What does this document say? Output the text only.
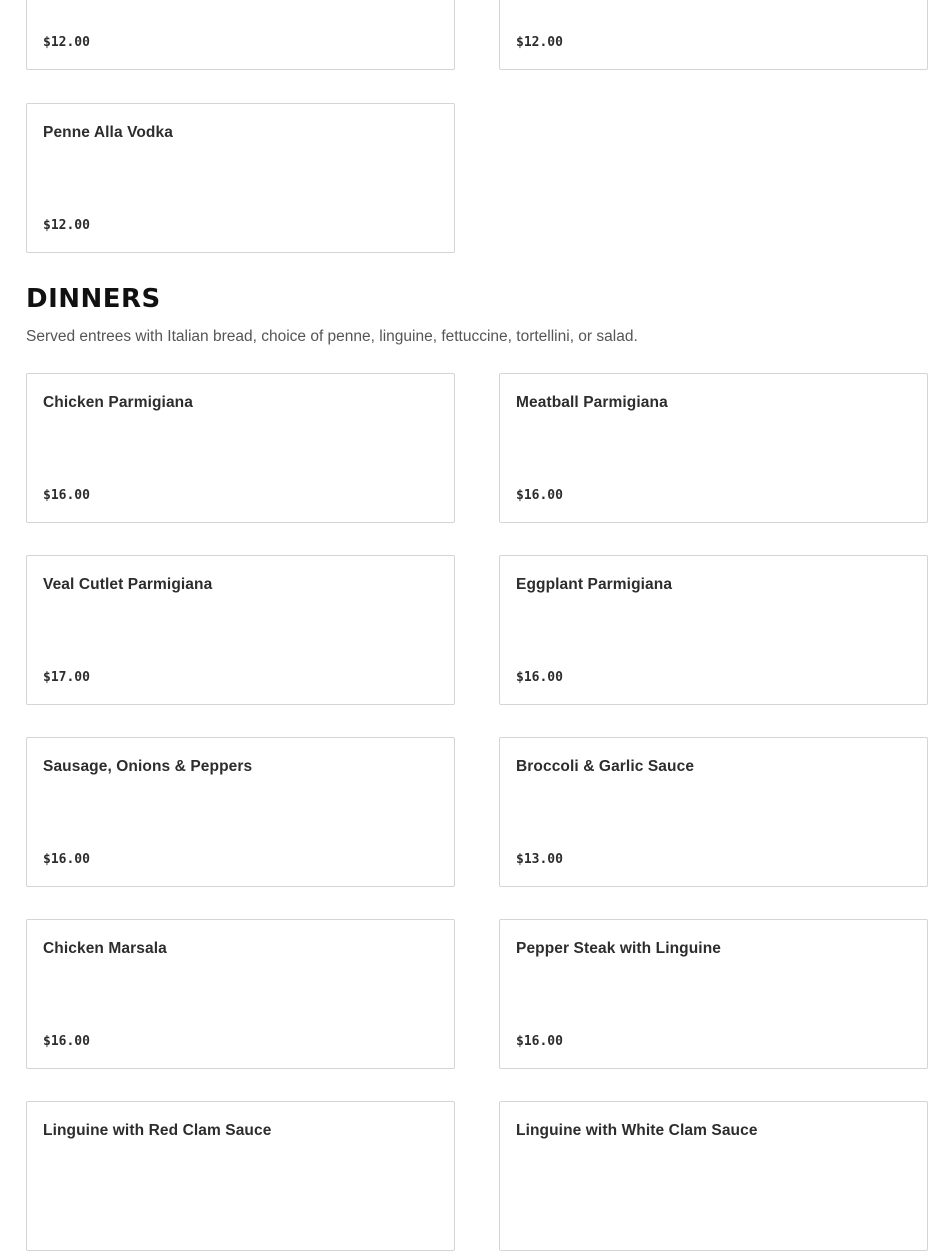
$12.00	$12.00
Penne Alla Vodka
$12.00
DINNERS

Served entrees with Italian bread, choice of penne, linguine, fettuccine, tortellini, or salad.

Chicken Parmigiana
$16.00
Meatball Parmigiana
$16.00
Veal Cutlet Parmigiana
$17.00
Eggplant Parmigiana
$16.00
Sausage, Onions & Peppers
$16.00
Broccoli & Garlic Sauce
$13.00
Chicken Marsala
$16.00
Pepper Steak with Linguine
$16.00
Linguine with Red Clam Sauce	Linguine with White Clam Sauce
